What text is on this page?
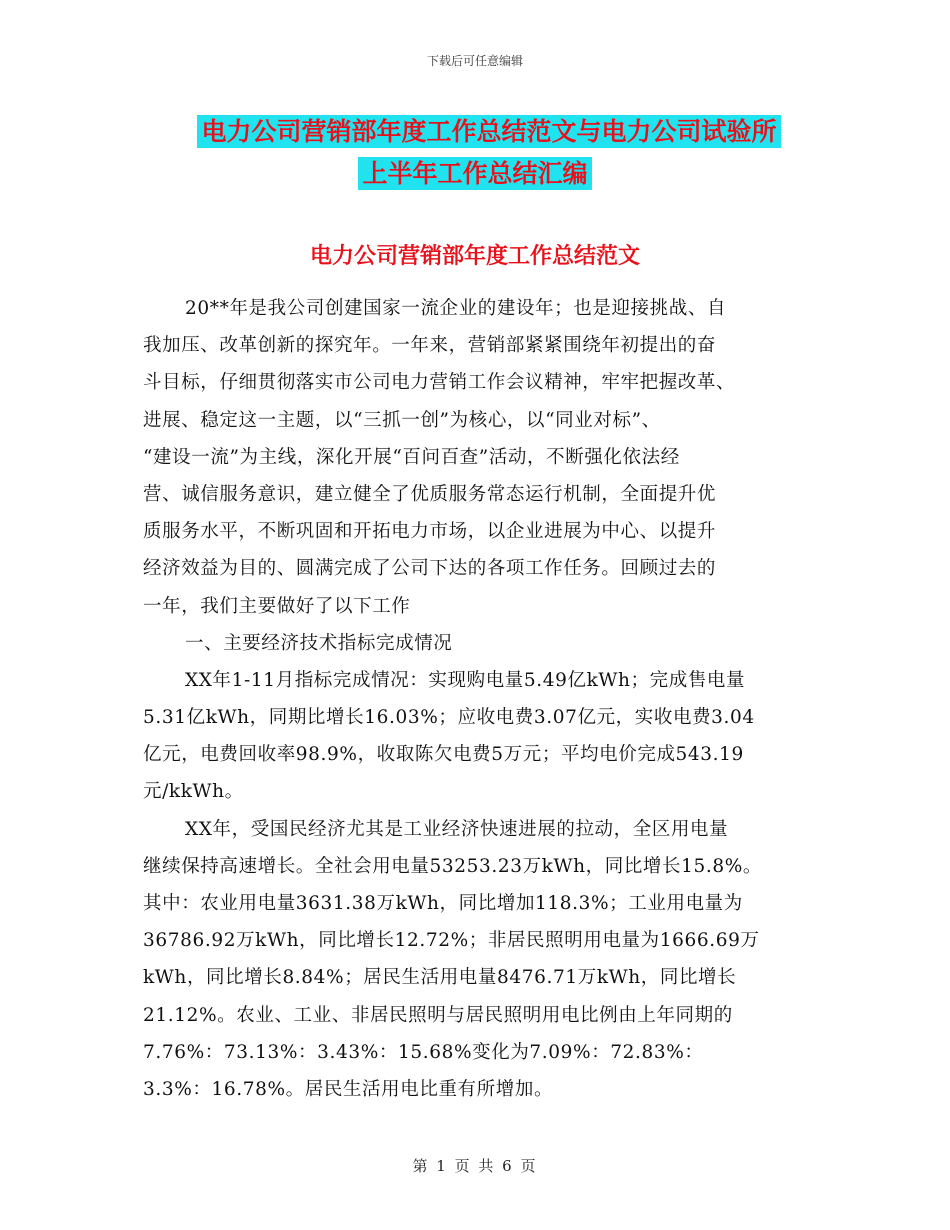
下载后可任意编辑
电力公司营销部年度工作总结范文与电力公司试验所
上半年工作总结汇编
电力公司营销部年度工作总结范文
20**年是我公司创建国家一流企业的建设年；也是迎接挑战、自
我加压、改革创新的探究年。一年来，营销部紧紧围绕年初提出的奋
斗目标，仔细贯彻落实市公司电力营销工作会议精神，牢牢把握改革、
进展、稳定这一主题，以“三抓一创”为核心，以“同业对标”、
“建设一流”为主线，深化开展“百问百查”活动，不断强化依法经
营、诚信服务意识，建立健全了优质服务常态运行机制，全面提升优
质服务水平，不断巩固和开拓电力市场，以企业进展为中心、以提升
经济效益为目的、圆满完成了公司下达的各项工作任务。回顾过去的
一年，我们主要做好了以下工作
一、主要经济技术指标完成情况
XX年1-11月指标完成情况：实现购电量5.49亿kWh；完成售电量
5.31亿kWh，同期比增长16.03%；应收电费3.07亿元，实收电费3.04
亿元，电费回收率98.9%，收取陈欠电费5万元；平均电价完成543.19
元/kkWh。
XX年，受国民经济尤其是工业经济快速进展的拉动，全区用电量
继续保持高速增长。全社会用电量53253.23万kWh，同比增长15.8%。
其中：农业用电量3631.38万kWh，同比增加118.3%；工业用电量为
36786.92万kWh，同比增长12.72%；非居民照明用电量为1666.69万
kWh，同比增长8.84%；居民生活用电量8476.71万kWh，同比增长
21.12%。农业、工业、非居民照明与居民照明用电比例由上年同期的
7.76%：73.13%：3.43%：15.68%变化为7.09%：72.83%：
3.3%：16.78%。居民生活用电比重有所增加。
第 1 页 共 6 页
